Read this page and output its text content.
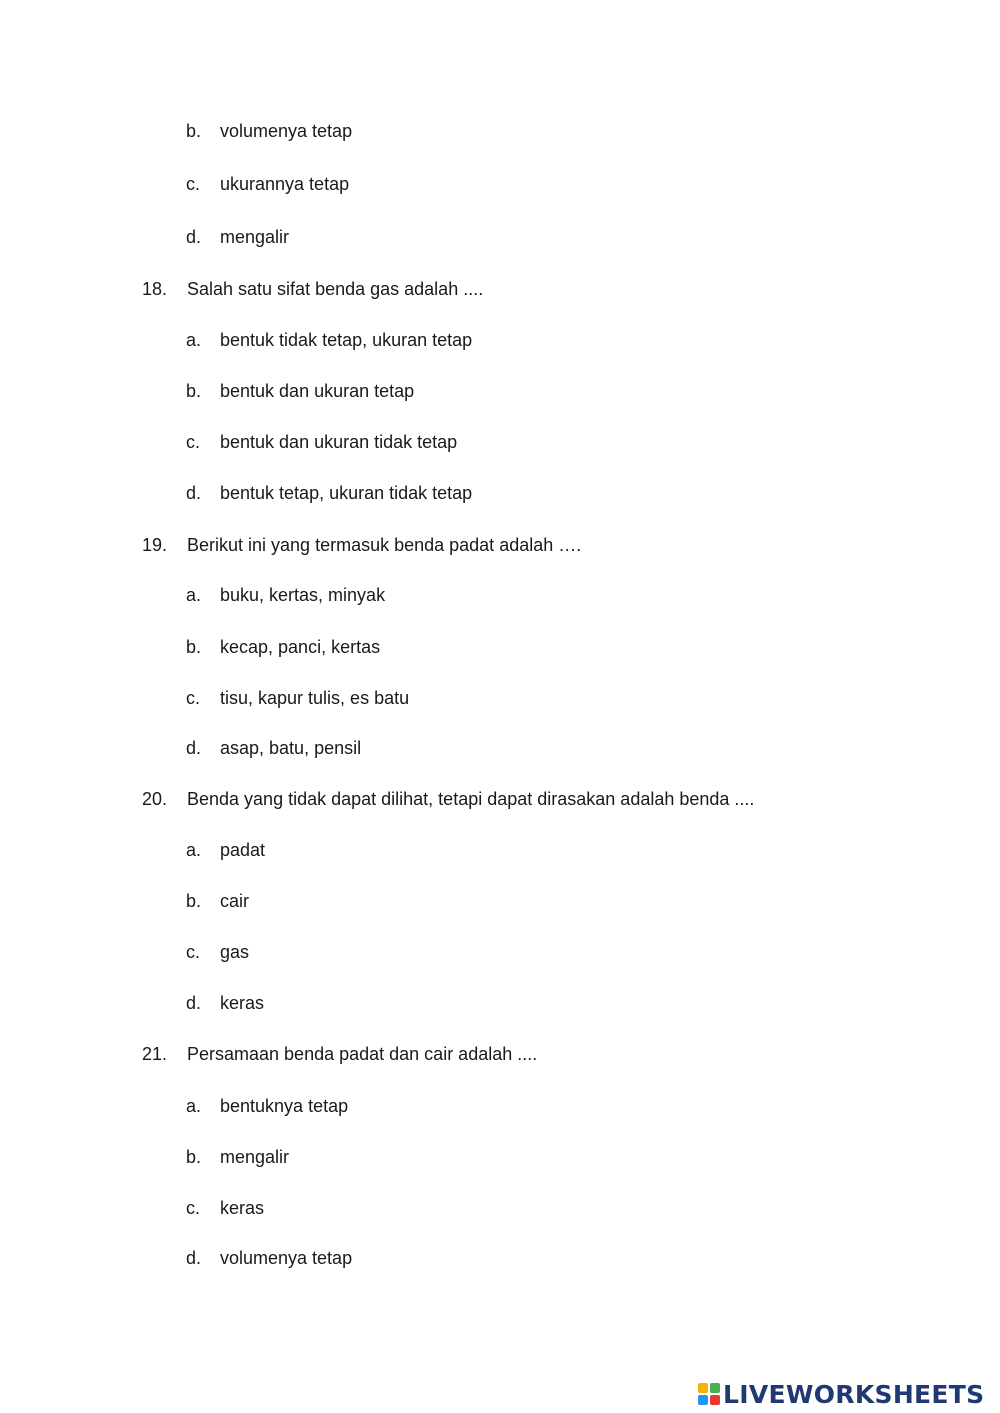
b. volumenya tetap
c. ukurannya tetap
d. mengalir
18. Salah satu sifat benda gas adalah ....
a. bentuk tidak tetap, ukuran tetap
b. bentuk dan ukuran tetap
c. bentuk dan ukuran tidak tetap
d. bentuk tetap, ukuran tidak tetap
19. Berikut ini yang termasuk benda padat adalah ….
a. buku, kertas, minyak
b. kecap, panci, kertas
c. tisu, kapur tulis, es batu
d. asap, batu, pensil
20. Benda yang tidak dapat dilihat, tetapi dapat dirasakan adalah benda ....
a. padat
b. cair
c. gas
d. keras
21. Persamaan benda padat dan cair adalah ....
a. bentuknya tetap
b. mengalir
c. keras
d. volumenya tetap
LIVEWORKSHEETS
